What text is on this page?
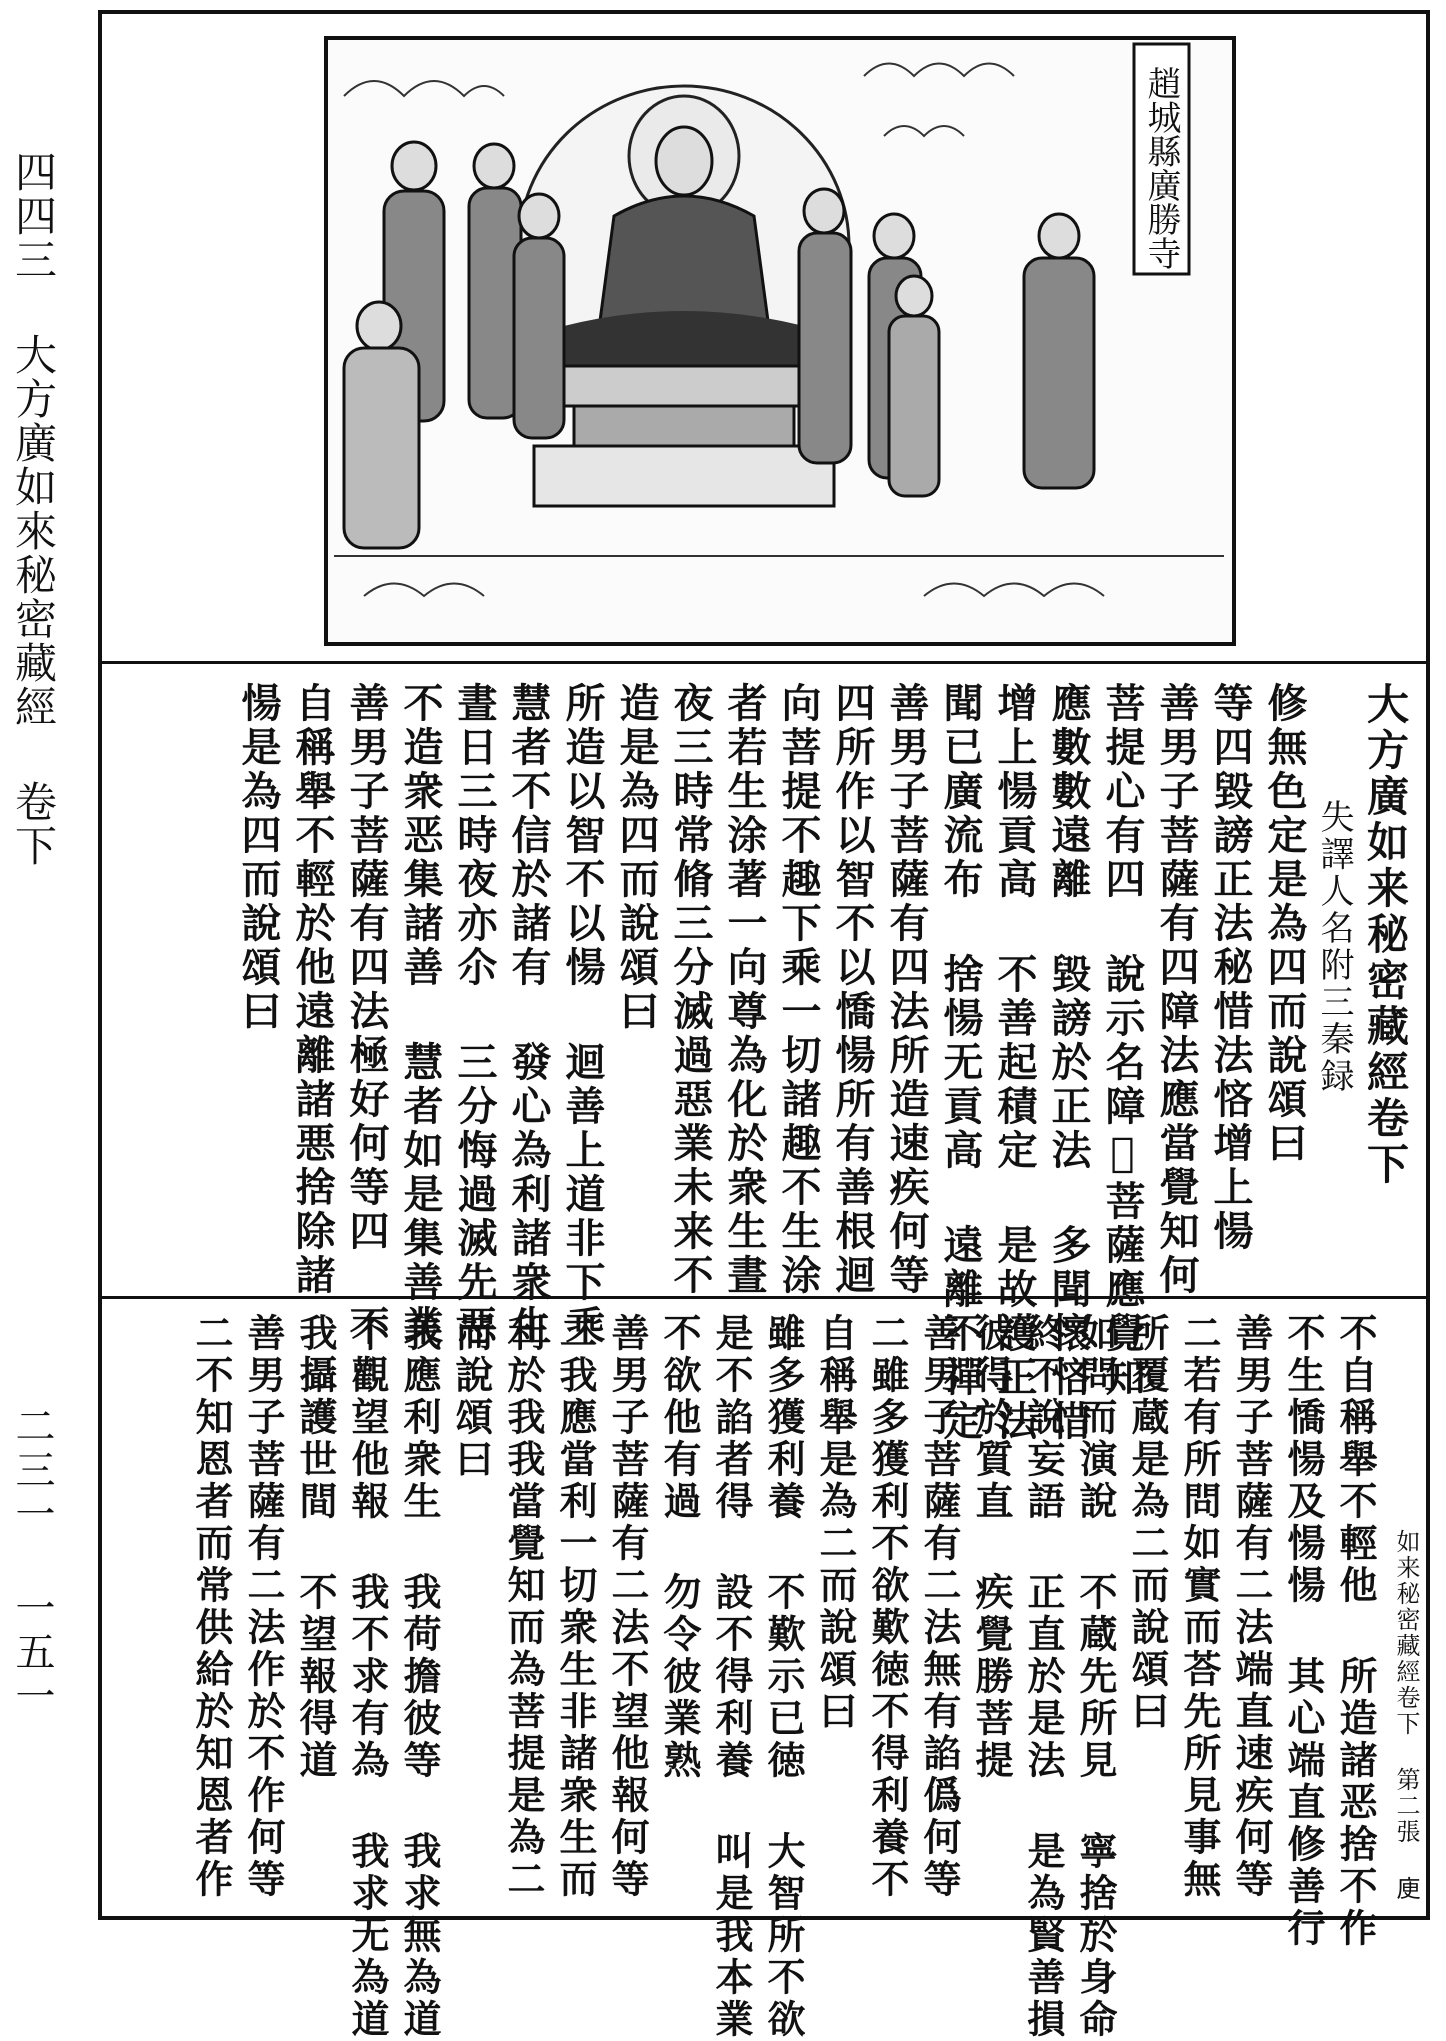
四四三 大方廣如來秘密藏經 卷下
二三一 一五一
趙城縣廣勝寺
大方廣如来秘密藏經卷下
失譯人名附三秦録
修無色定是為四而說頌曰
等四毀謗正法秘惜法悋增上愓
善男子菩薩有四障法應當覺知何
菩提心有四 說示名障𡚖菩薩應覺知
應數數遠離 毀謗於正法 多聞懷悋惜
增上愓貢高 不善起積定 是故護正法
聞已廣流布 捨愓无貢高 遠離不禪定
善男子菩薩有四法所造速疾何等
四所作以智不以憍愓所有善根迴
向菩提不趣下乘一切諸趣不生涂
者若生涂著一向尊為化於衆生晝
夜三時常脩三分滅過惡業未来不
造是為四而說頌曰
所造以智不以愓 迴善上道非下乘
慧者不信於諸有 發心為利諸衆生
晝日三時夜亦尒 三分悔過滅先惡
不造衆恶集諸善 慧者如是集善業
善男子菩薩有四法極好何等四 不
自稱舉不輕於他遠離諸悪捨除諸
愓是為四而說頌曰
如来秘密藏經卷下 第二張 𢈔
不自稱舉不輕他 所造諸恶捨不作
不生憍愓及愓愓 其心端直修善行
善男子菩薩有二法端直速疾何等
二若有所問如實而荅先所見事無
所覆蔵是為二而說頌曰
如問而演說 不蔵先所見 寧捨於身命
終不說妄語 正直於是法 是為賢善損
彼得於質直 疾覺勝菩提
善男子菩薩有二法無有諂僞何等
二雖多獲利不欲歎徳不得利養不
自稱舉是為二而說頌曰
雖多獲利養 不歎示已徳 大智所不欲
是不諂者得 設不得利養 叫是我本業
不欲他有過 勿令彼業熟
善男子菩薩有二法不望他報何等
二我應當利一切衆生非諸衆生而
利於我我當覺知而為菩提是為二
而說頌曰
我應利衆生 我荷擔彼等 我求無為道
不觀望他報 我不求有為 我求无為道
我攝護世間 不望報得道
善男子菩薩有二法作於不作何等
二不知恩者而常供給於知恩者作
